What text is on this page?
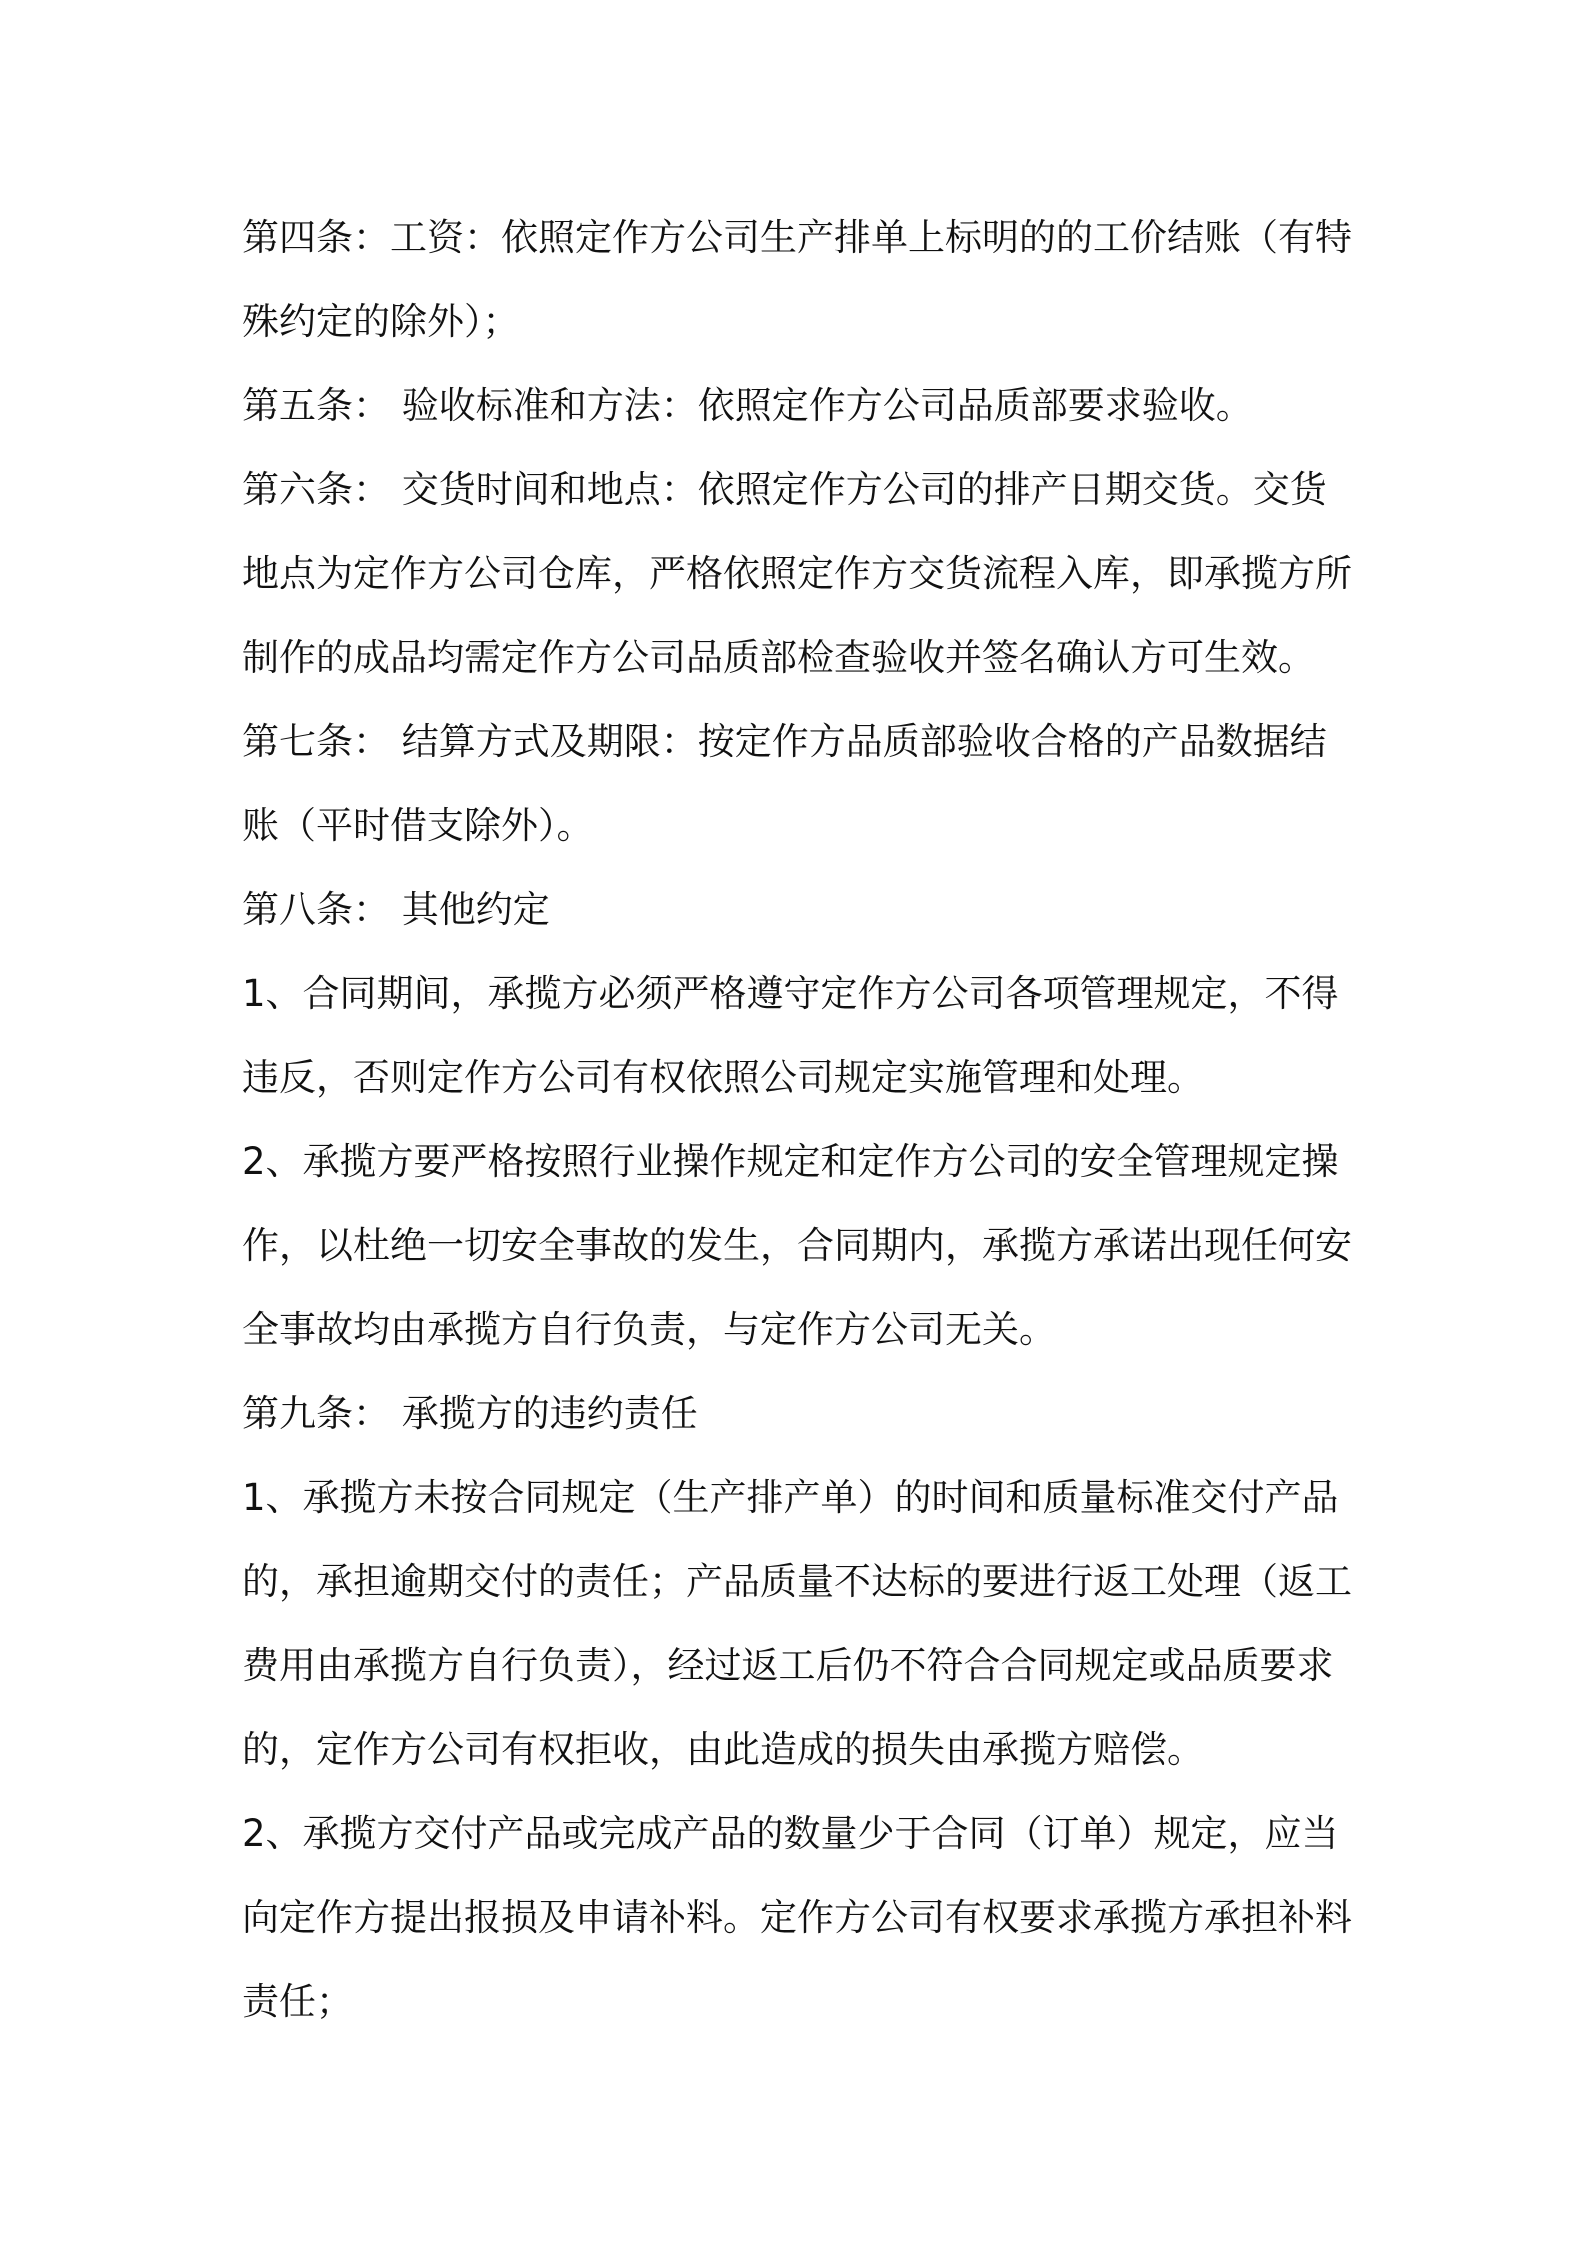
第四条：工资：依照定作方公司生产排单上标明的的工价结账（有特
殊约定的除外）；
第五条： 验收标准和方法：依照定作方公司品质部要求验收。
第六条： 交货时间和地点：依照定作方公司的排产日期交货。交货
地点为定作方公司仓库，严格依照定作方交货流程入库，即承揽方所
制作的成品均需定作方公司品质部检查验收并签名确认方可生效。
第七条： 结算方式及期限：按定作方品质部验收合格的产品数据结
账（平时借支除外）。
第八条： 其他约定
1、合同期间，承揽方必须严格遵守定作方公司各项管理规定，不得
违反，否则定作方公司有权依照公司规定实施管理和处理。
2、承揽方要严格按照行业操作规定和定作方公司的安全管理规定操
作，以杜绝一切安全事故的发生，合同期内，承揽方承诺出现任何安
全事故均由承揽方自行负责，与定作方公司无关。
第九条： 承揽方的违约责任
1、承揽方未按合同规定（生产排产单）的时间和质量标准交付产品
的，承担逾期交付的责任；产品质量不达标的要进行返工处理（返工
费用由承揽方自行负责），经过返工后仍不符合合同规定或品质要求
的，定作方公司有权拒收，由此造成的损失由承揽方赔偿。
2、承揽方交付产品或完成产品的数量少于合同（订单）规定，应当
向定作方提出报损及申请补料。定作方公司有权要求承揽方承担补料
责任；
